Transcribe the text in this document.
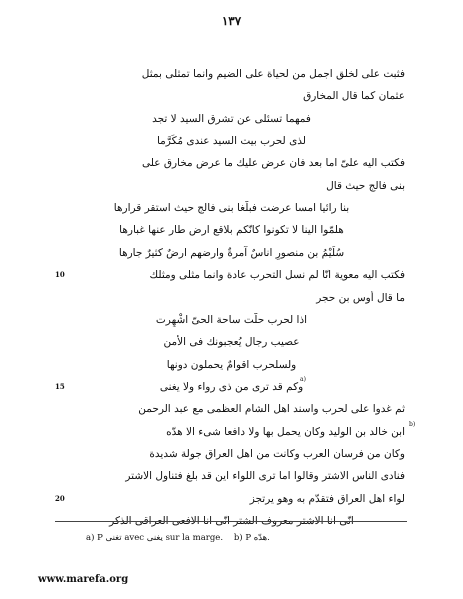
١٣٧
فثبت على لخلق اجمل من لحياة على الضيم وانما تمثلى بمثل
عثمان كما قال المخارق
فمهما تسئلى عن تشرق السيد لا تجد
لذى لحرب بيت السيد عندى مُكَرَّما
فكتب اليه علىّ اما بعد فان عرض عليك ما عرض مخارق على
بنى فالج حيث قال
بنا رائيا امسا عرضت فبلّغا بنى فالج حيث استقر قرارها
هلمّوا الينا لا تكونوا كانّكم بلاقع ارض طار عنها غبارها
سُلَيْمُ بن منصورٍ اناسٌ آمرةٌ وارضهم ارضٌ كثيرٌ جارها
فكتب اليه معوية انّا لم نسل التحرب عادة وانما مثلى ومثلك
10
ما قال أوس بن حجر
اذا لحرب حلّت ساحة الحىّ اشْهِرت
عصيب رجال يُعجبونك فى الأمن
ولسلحرب اقوامٌ يحملون دونها
وكم قد ترى من ذى رواء ولا يغنى
a)
15
ثم غدوا على لحرب واسند اهل الشام العظمى مع عبد الرحمن
ابن خالد بن الوليد وكان يحمل بها ولا دافعا شىء الا هدّه
b)
وكان من فرسان العرب وكانت من اهل العراق جولة شديدة
فنادى الناس الاشتر وقالوا اما ترى اللواء اين قد بلغ فتناول الاشتر
لواء اهل العراق فتقدّم به وهو يرتجز
20
انّى انا الاشتر معروف الشتر انّى انا الافعى العراقى الذكر
a) P تغنى avec يغنى sur la marge. b) P هدّه.
www.marefa.org
